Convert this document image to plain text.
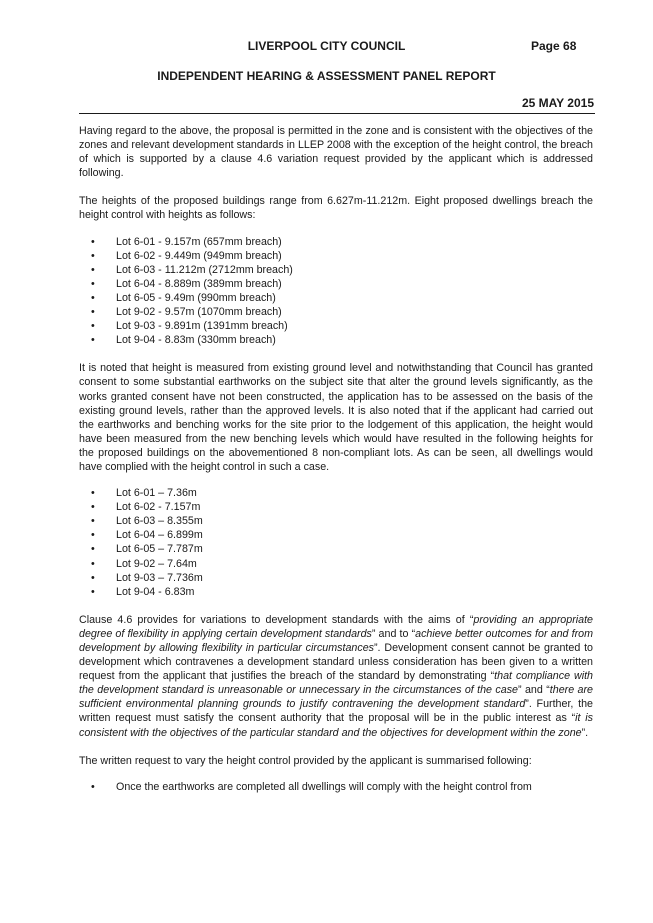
LIVERPOOL CITY COUNCIL	Page 68
INDEPENDENT HEARING & ASSESSMENT PANEL REPORT
25 MAY 2015

Having regard to the above, the proposal is permitted in the zone and is consistent with the objectives of the zones and relevant development standards in LLEP 2008 with the exception of the height control, the breach of which is supported by a clause 4.6 variation request provided by the applicant which is addressed following.

The heights of the proposed buildings range from 6.627m-11.212m. Eight proposed dwellings breach the height control with heights as follows:

• Lot 6-01 - 9.157m (657mm breach)
• Lot 6-02 - 9.449m (949mm breach)
• Lot 6-03 - 11.212m (2712mm breach)
• Lot 6-04 - 8.889m (389mm breach)
• Lot 6-05 - 9.49m (990mm breach)
• Lot 9-02 - 9.57m (1070mm breach)
• Lot 9-03 - 9.891m (1391mm breach)
• Lot 9-04 - 8.83m (330mm breach)

It is noted that height is measured from existing ground level and notwithstanding that Council has granted consent to some substantial earthworks on the subject site that alter the ground levels significantly, as the works granted consent have not been constructed, the application has to be assessed on the basis of the existing ground levels, rather than the approved levels. It is also noted that if the applicant had carried out the earthworks and benching works for the site prior to the lodgement of this application, the height would have been measured from the new benching levels which would have resulted in the following heights for the proposed buildings on the abovementioned 8 non-compliant lots. As can be seen, all dwellings would have complied with the height control in such a case.

• Lot 6-01 – 7.36m
• Lot 6-02 - 7.157m
• Lot 6-03 – 8.355m
• Lot 6-04 – 6.899m
• Lot 6-05 – 7.787m
• Lot 9-02 – 7.64m
• Lot 9-03 – 7.736m
• Lot 9-04 - 6.83m

Clause 4.6 provides for variations to development standards with the aims of “providing an appropriate degree of flexibility in applying certain development standards” and to “achieve better outcomes for and from development by allowing flexibility in particular circumstances”. Development consent cannot be granted to development which contravenes a development standard unless consideration has been given to a written request from the applicant that justifies the breach of the standard by demonstrating “that compliance with the development standard is unreasonable or unnecessary in the circumstances of the case” and “there are sufficient environmental planning grounds to justify contravening the development standard”. Further, the written request must satisfy the consent authority that the proposal will be in the public interest as “it is consistent with the objectives of the particular standard and the objectives for development within the zone”.

The written request to vary the height control provided by the applicant is summarised following:

• Once the earthworks are completed all dwellings will comply with the height control from
